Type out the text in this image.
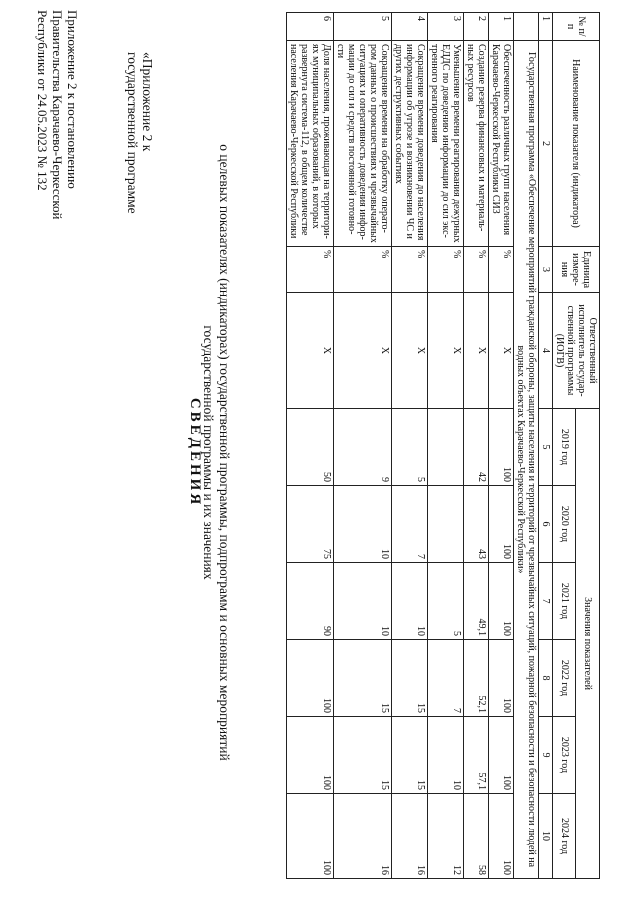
№ п/п	Наименование показателя (индикатора)	Единица измере-ния	Ответственный исполнитель государ-ственной программы (ИОГВ)	Значения показателей					
				2019 год	2020 год	2021 год	2022 год	2023 год	2024 год
1	2	3	4	5	6	7	8	9	10
	Государственная программа «Обеспечение мероприятий гражданской обороны, защиты населения и территорий от чрезвычайных ситуаций, пожарной безопасности и безопасности людей на водных объектах Карачаево-Черкесской Республики»								
1	Обеспеченность различных групп населения Карачаево-Черкесской Республики СИЗ	%	Х	100	100	100	100	100	100
2	Создание резерва финансовых и материаль-ных ресурсов	%	Х	42	43	49,1	52,1	57,1	58
3	Уменьшение времени реагирования дежурных ЕДДС по доведению информации до сил экс-тренного реагирования	%	Х			5	7	10	12
4	Сокращение времени доведения до населения информации об угрозе и возникновении ЧС и других деструктивных событиях	%	Х	5	7	10	15	15	16
5	Сокращение времени на обработку операто-ром данных о происшествиях и чрезвычайных ситуациях и оперативность доведения инфор-мации до сил и средств постоянной готовно-сти	%	Х	9	10	10	15	15	16
6	Доля населения, проживающая на территори-ях муниципальных образований, в которых развернута система-112, в общем количестве населения Карачаево-Черкесской Республики	%	Х	50	75	90	100	100	100
о целевых показателях (индикаторах) государственной программы, подпрограмм и основных мероприятий
государственной программы и их значениях
СВЕДЕНИЯ
«Приложение 2 к
государственной программе
Приложение 2 к постановлению
Правительства Карачаево-Черкесской
Республики от 24.05.2023 № 132
